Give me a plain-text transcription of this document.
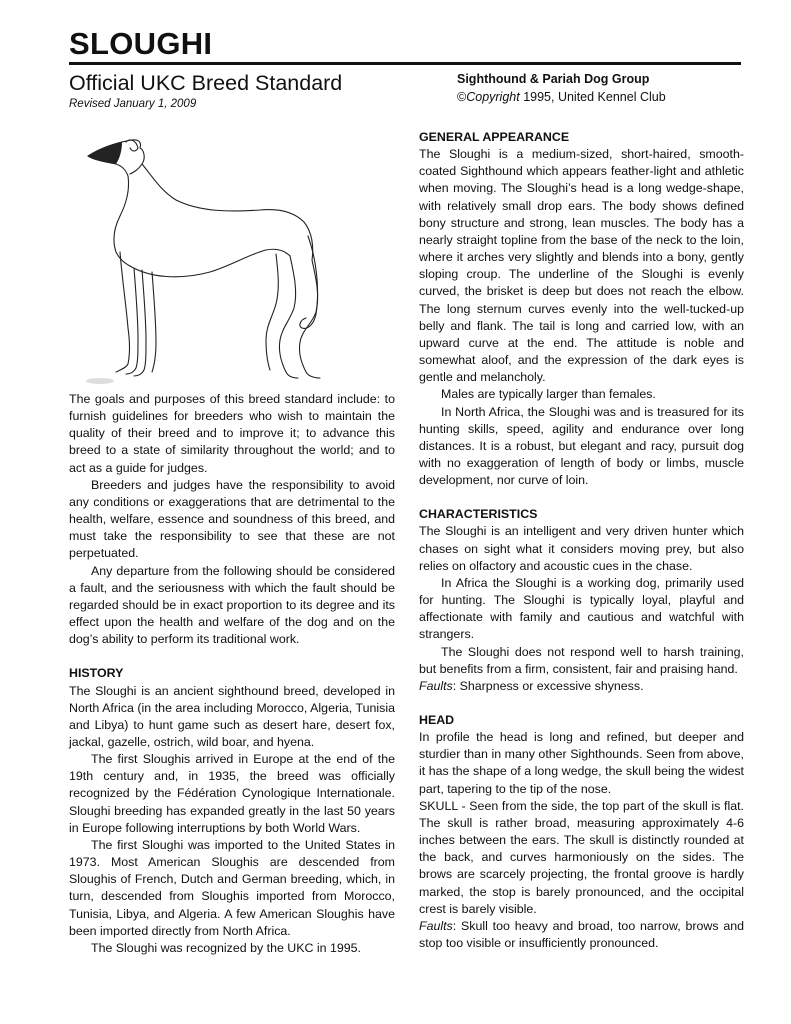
SLOUGHI
Official UKC Breed Standard
Revised January 1, 2009
Sighthound & Pariah Dog Group
©Copyright 1995, United Kennel Club

The goals and purposes of this breed standard include: to furnish guidelines for breeders who wish to maintain the quality of their breed and to improve it; to advance this breed to a state of similarity throughout the world; and to act as a guide for judges.

Breeders and judges have the responsibility to avoid any conditions or exaggerations that are detrimental to the health, welfare, essence and soundness of this breed, and must take the responsibility to see that these are not perpetuated.

Any departure from the following should be considered a fault, and the seriousness with which the fault should be regarded should be in exact proportion to its degree and its effect upon the health and welfare of the dog and on the dog’s ability to perform its traditional work.

HISTORY

The Sloughi is an ancient sighthound breed, developed in North Africa (in the area including Morocco, Algeria, Tunisia and Libya) to hunt game such as desert hare, desert fox, jackal, gazelle, ostrich, wild boar, and hyena.

The first Sloughis arrived in Europe at the end of the 19th century and, in 1935, the breed was officially recognized by the Fédération Cynologique Internationale. Sloughi breeding has expanded greatly in the last 50 years in Europe following interruptions by both World Wars.

The first Sloughi was imported to the United States in 1973. Most American Sloughis are descended from Sloughis of French, Dutch and German breeding, which, in turn, descended from Sloughis imported from Morocco, Tunisia, Libya, and Algeria. A few American Sloughis have been imported directly from North Africa.

The Sloughi was recognized by the UKC in 1995.

GENERAL APPEARANCE

The Sloughi is a medium-sized, short-haired, smooth-coated Sighthound which appears feather-light and athletic when moving. The Sloughi’s head is a long wedge-shape, with relatively small drop ears. The body shows defined bony structure and strong, lean muscles. The body has a nearly straight topline from the base of the neck to the loin, where it arches very slightly and blends into a bony, gently sloping croup. The underline of the Sloughi is evenly curved, the brisket is deep but does not reach the elbow. The long sternum curves evenly into the well-tucked-up belly and flank. The tail is long and carried low, with an upward curve at the end. The attitude is noble and somewhat aloof, and the expression of the dark eyes is gentle and melancholy.

Males are typically larger than females.

In North Africa, the Sloughi was and is treasured for its hunting skills, speed, agility and endurance over long distances. It is a robust, but elegant and racy, pursuit dog with no exaggeration of length of body or limbs, muscle development, nor curve of loin.

CHARACTERISTICS

The Sloughi is an intelligent and very driven hunter which chases on sight what it considers moving prey, but also relies on olfactory and acoustic cues in the chase.

In Africa the Sloughi is a working dog, primarily used for hunting. The Sloughi is typically loyal, playful and affectionate with family and cautious and watchful with strangers.

The Sloughi does not respond well to harsh training, but benefits from a firm, consistent, fair and praising hand.

Faults: Sharpness or excessive shyness.

HEAD

In profile the head is long and refined, but deeper and sturdier than in many other Sighthounds. Seen from above, it has the shape of a long wedge, the skull being the widest part, tapering to the tip of the nose.

SKULL - Seen from the side, the top part of the skull is flat. The skull is rather broad, measuring approximately 4-6 inches between the ears. The skull is distinctly rounded at the back, and curves harmoniously on the sides. The brows are scarcely projecting, the frontal groove is hardly marked, the stop is barely pronounced, and the occipital crest is barely visible.

Faults: Skull too heavy and broad, too narrow, brows and stop too visible or insufficiently pronounced.
